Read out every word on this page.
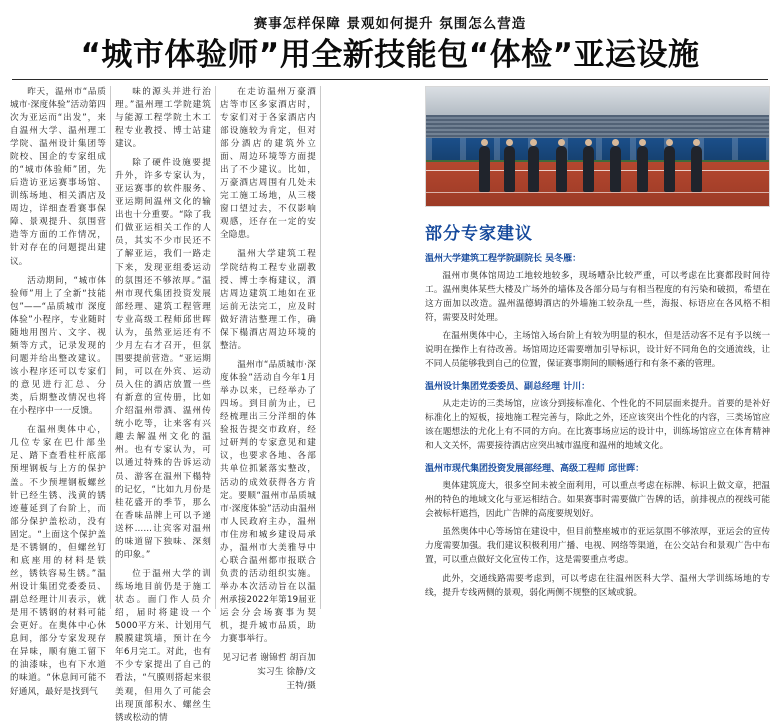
赛事怎样保障 景观如何提升 氛围怎么营造
“城市体验师”用全新技能包“体检”亚运设施

昨天，温州市“品质城市·深度体验”活动第四次为亚运而“出发”，来自温州大学、温州理工学院、温州设计集团等院校、国企的专家组成的“城市体验师”团，先后造访亚运赛事场馆、训练场地、相关酒店及周边，详细查看赛事保障、景观提升、氛围营造等方面的工作情况，针对存在的问题提出建议。

活动期间，“城市体验师”用上了全新“技能包”——“品质城市 深度体验”小程序，专业随时随地用图片、文字、视频等方式，记录发现的问题并给出整改建议。该小程序还可以专家们的意见进行汇总、分类，后期整改情况也将在小程序中一一反馈。

在温州奥体中心，几位专家在巴什部坐足、踏下查看柱杆底部预埋钢板与上方的保护盖。不少预埋钢板螺丝针已经生锈、浅黄的锈迹蔓延到了台阶上，而部分保护盖松动，没有固定。“上面这个保护盖是不锈钢的，但螺丝钉和底座用的材料是铁丝，锈铁容易生锈。”温州设计集团党委委员、副总经理计川表示，就是用不锈钢的材料可能会更好。在奥体中心休息间，部分专家发现存在异味，顺有施工留下的油漆味，也有下水道的味道。“休息间可能不好通风，最好是找到气

味的源头并进行治理。”温州理工学院建筑与能源工程学院土木工程专业教授、博士站建建议。

除了硬件设施要提升外，许多专家认为，亚运赛事的软件服务、亚运期间温州文化的输出也十分重要。“除了我们做亚运相关工作的人员，其实不少市民还不了解亚运，我们一路走下来，发现亚组委运动的氛围还不够浓厚。”温州市现代集团投资发展部经理、建筑工程管理专业高级工程师邱世晖认为，虽然亚运还有不少月左右才召开，但氛围要提前营造。“亚运期间，可以在外宾、运动员入住的酒店放置一些有新意的宣传册，比如介绍温州带酒、温州传统小吃等，让来客有兴趣去解温州文化的温州。也有专家认为，可以通过特殊的告诉运动员、游客在温州下榻特的记忆，“比如九月份是桂花盛开的季节，那么在香味品牌上可以予递送杯……让宾客对温州的味道留下独味、深刻的印象。”

位于温州大学的训练场地目前仍是于施工状态。面门作人员介绍，届时将建设一个5000平方米、计划用气膜膜建筑墙，预计在今年6月完工。对此，也有不少专家提出了自己的看法，“气膜则搭起来很美观，但用久了可能会出现顶部积水、螺丝生锈或松动的情

在走访温州万豪酒店等市区多家酒店时，专家们对于各家酒店内部设施较为肯定，但对部分酒店的建筑外立面、周边环境等方面提出了不少建议。比如，万豪酒店周围有几处未完工施工场地，从三楼窗口望过去，不仅影响观感，还存在一定的安全隐患。

温州大学建筑工程学院结构工程专业副教授、博士李梅建议，酒店周边建筑工地如在亚运前无法完工，应及时做好清洁整理工作，确保下榻酒店周边环境的整洁。

温州市“品质城市·深度体验”活动自今年1月举办以来，已经举办了四场。到目前为止，已经梳理出三分洋细的体验报告提交市政府，经过研判的专家意见和建议，也要求各地、各部共单位抓紧落实整改，活动的成效获得各方肯定。要顺“温州市品质城市·深度体验”活动由温州市人民政府主办，温州市住房和城乡建设局承办，温州市大美雅导中心联合温州都市报联合负责的活动组织实施。举办本次活动旨在以温州承接2022年第19届亚运会分会场赛事为契机，提升城市品质，助力赛事举行。

见习记者 谢锦哲 胡百加
实习生 徐静/文
王特/摄
部分专家建议
温州大学建筑工程学院副院长 吴冬雁：

温州市奥体馆周边工地较地较多，现场嘈杂比较严重，可以考虑在比赛都段时间待工。温州奥体某些大楼及广场外的墙体及各部分局与有相当程度的有污染和破损，希望在这方面加以改造。温州温德姆酒店的外墙施工较杂乱一些，海报、标语应在各风格不相符，需要及时处理。

在温州奥体中心，主场馆入场台阶上有较为明显的积水，但是活动客不足有予以统一说明在操作上有待改善。场馆周边还需要增加引导标识，设计好不同角色的交通流线，让不同人员能够我到自己的位置，保证赛事期间的顺畅通行和有条不紊的管理。

温州设计集团党委委员、副总经理 计川：

从走走访的三类场馆，应该分到接标准化、个性化的不同层面来提升。首要的是补好标准化上的短板，接地施工程完善与，除此之外，还应该突出个性化的内容，三类场馆应该在题想法的尤化上有不同的方向。在比赛事场应运的设计中，训练场馆应立在体育精神和人文关怀，需要接待酒店应突出城市温度和温州的地域文化。

温州市现代集团投资发展部经理、高级工程师 邱世晖：

奥体建筑庞大，很多空间未被全面利用，可以重点考虑在标牌、标识上做文章，把温州的特色的地域文化与亚运相结合。如果赛事时需要做广告牌的话，前排视点的视线可能会被标杆遮挡，因此广告牌的高度要规划好。

虽然奥体中心等场馆在建设中，但目前整座城市的亚运氛围不够浓厚，亚运会的宣传力度需要加强。我们建议积极利用广播、电视、网络等渠道，在公交站台和景观广告中布置，可以重点做好文化宣传工作，这是需要重点考虑。

此外，交通线路需要考虑到，可以考虑在往温州医科大学、温州大学训练场地的专线，提升专线两侧的景观，弱化两侧不规整的区域或貌。
